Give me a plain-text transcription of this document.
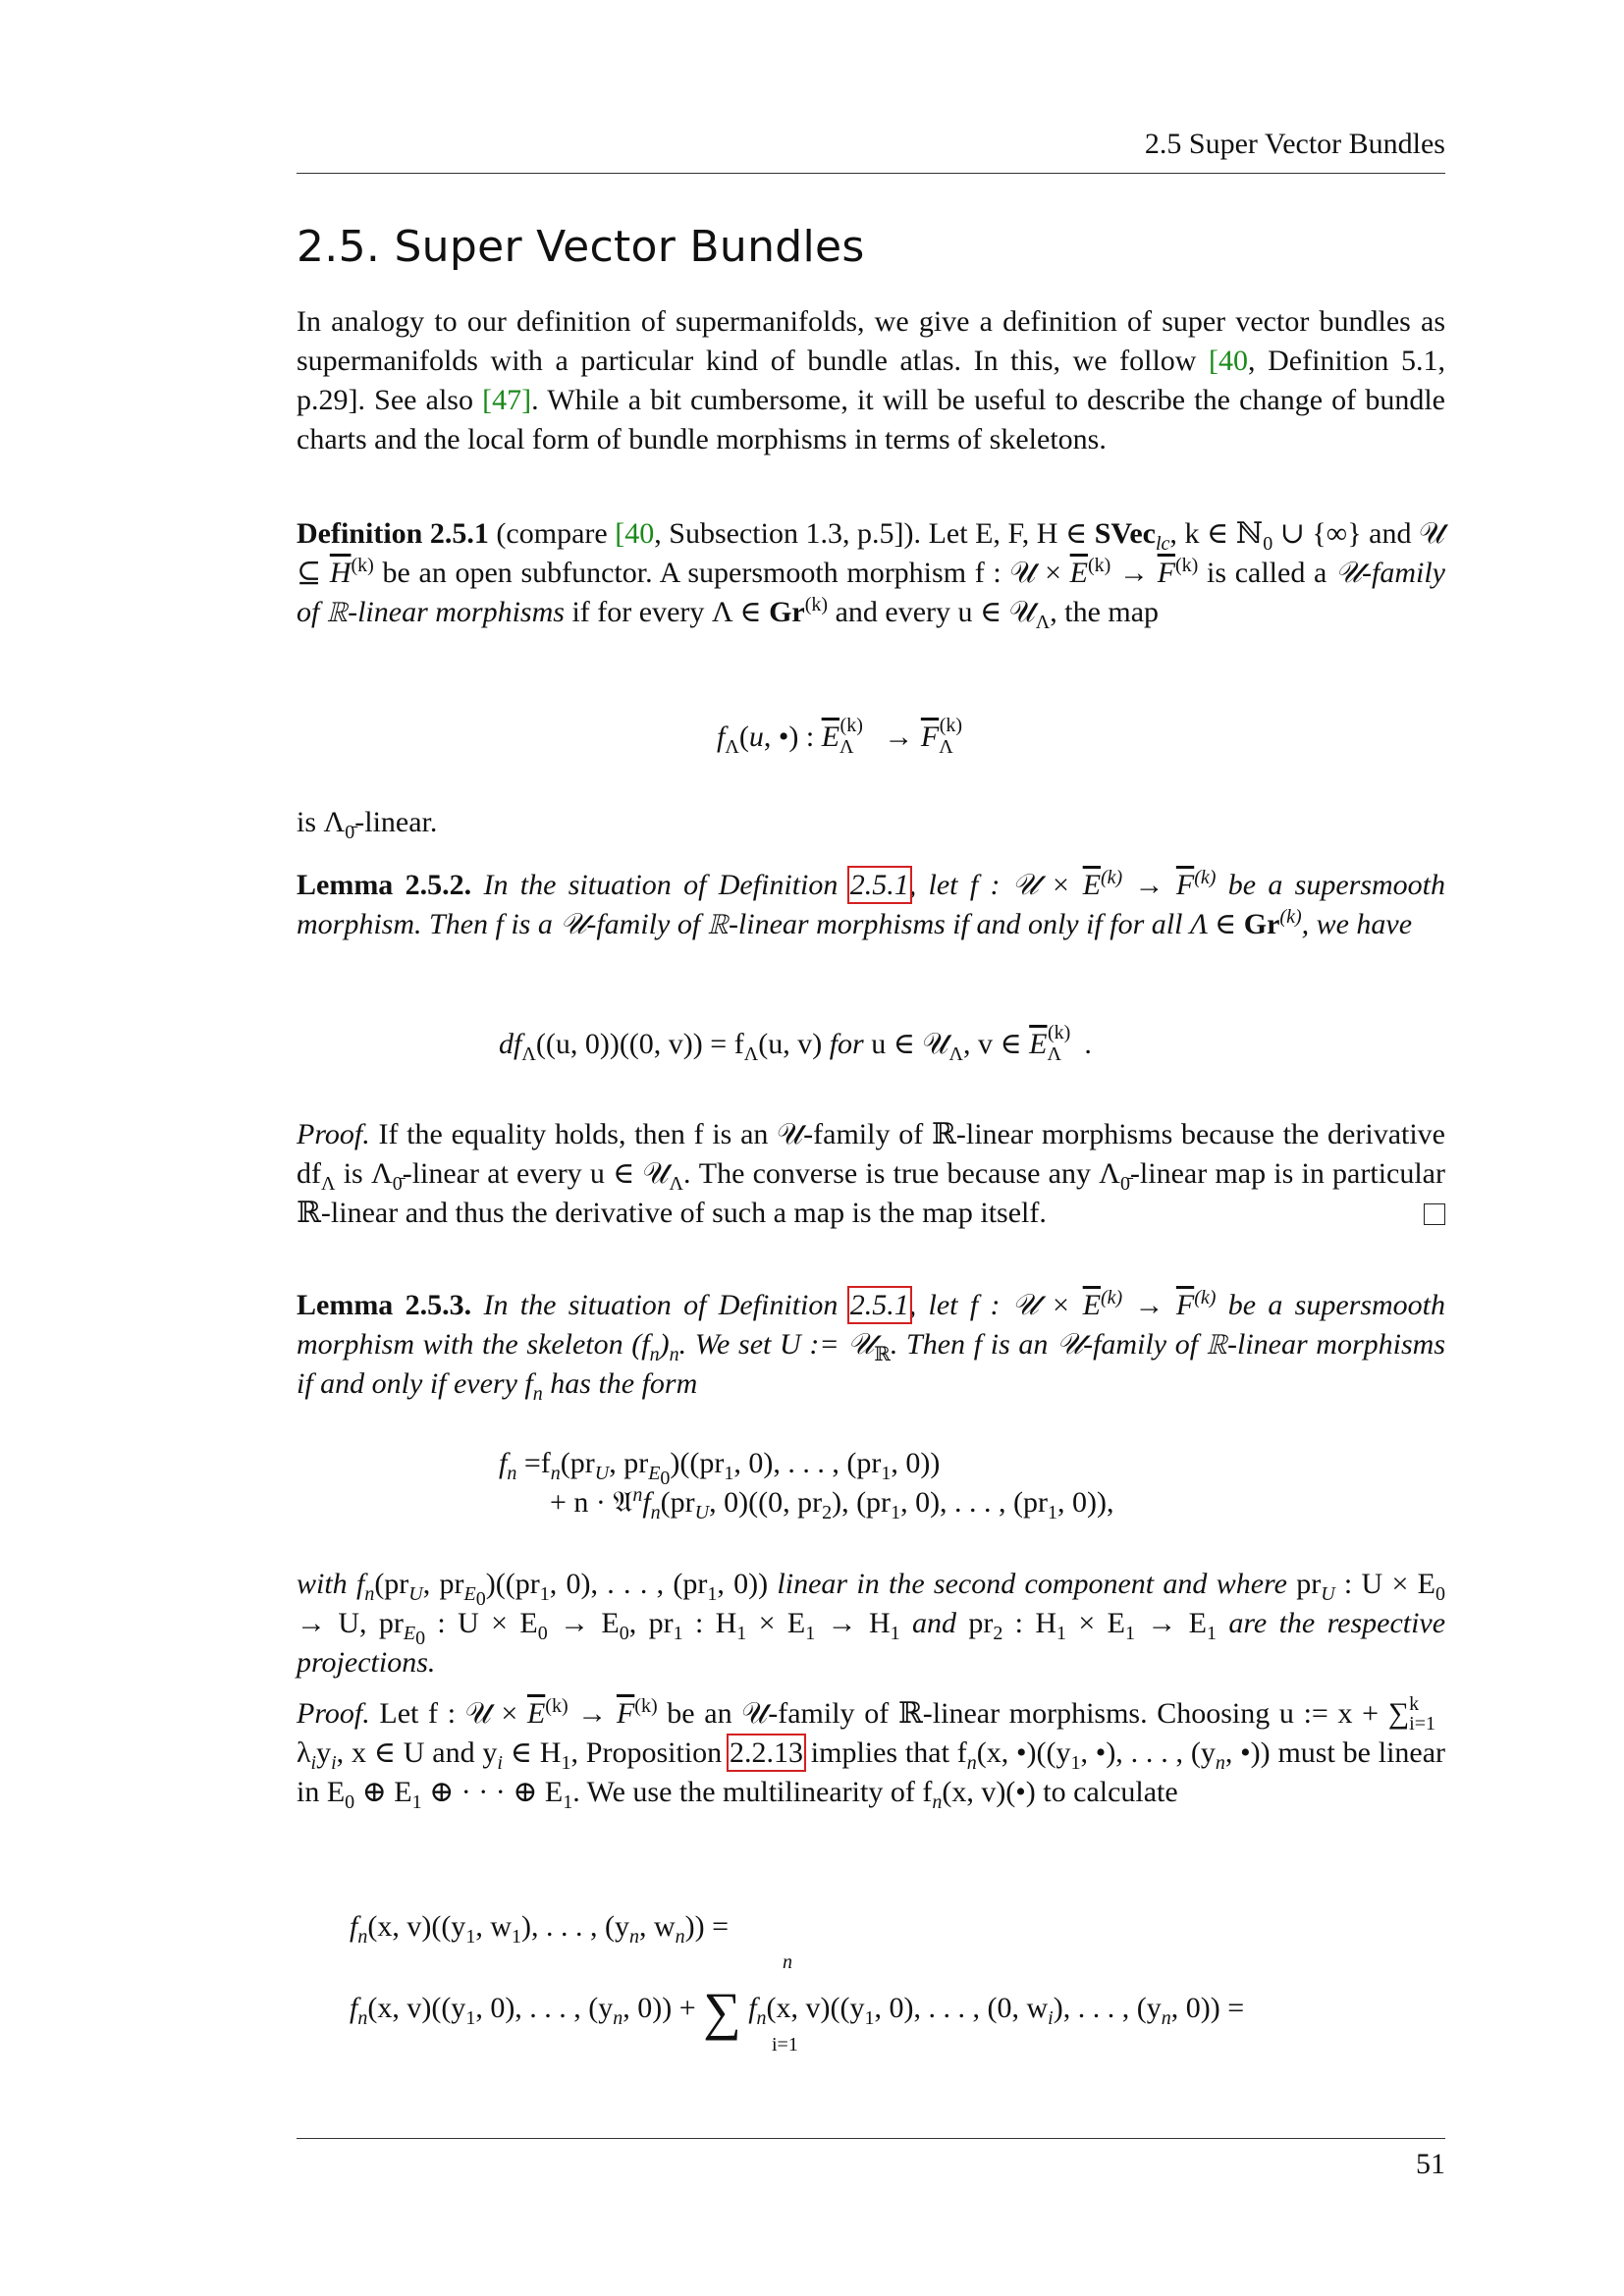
2.5 Super Vector Bundles
2.5. Super Vector Bundles

In analogy to our definition of supermanifolds, we give a definition of super vector bundles as supermanifolds with a particular kind of bundle atlas. In this, we follow [40, Definition 5.1, p.29]. See also [47]. While a bit cumbersome, it will be useful to describe the change of bundle charts and the local form of bundle morphisms in terms of skeletons.

Definition 2.5.1 (compare [40, Subsection 1.3, p.5]). Let E, F, H ∈ SVec$_{lc}$, k ∈ ℕ$_0$ ∪ {∞} and 𝒰 ⊆ $\overline{H}^{(k)}$ be an open subfunctor. A supersmooth morphism f : 𝒰 × $\overline{E}^{(k)} \to \overline{F}^{(k)}$ is called a 𝒰-family of ℝ-linear morphisms if for every Λ ∈ Gr$^{(k)}$ and every u ∈ 𝒰$_\Lambda$, the map

$f_\Lambda(u$, •) : $\overline{E}_\Lambda^{(k)} \to \overline{F}_\Lambda^{(k)}$

is $\Lambda_{0̄}$-linear.

Lemma 2.5.2. In the situation of Definition 2.5.1, let f : 𝒰 × $\overline{E}^{(k)} \to \overline{F}^{(k)}$ be a supersmooth morphism. Then f is a 𝒰-family of ℝ-linear morphisms if and only if for all Λ ∈ Gr$^{(k)}$, we have

$df_\Lambda((u$, 0))((0, $v)) = f_\Lambda(u$, v) for u ∈ 𝒰$_\Lambda$, v ∈ $\overline{E}_\Lambda^{(k)}$ .

Proof. If the equality holds, then f is an 𝒰-family of ℝ-linear morphisms because the derivative $df_\Lambda$ is $\Lambda_{0̄}$-linear at every u ∈ 𝒰$_\Lambda$. The converse is true because any $\Lambda_{0̄}$-linear map is in particular ℝ-linear and thus the derivative of such a map is the map itself.

Lemma 2.5.3. In the situation of Definition 2.5.1, let f : 𝒰 × $\overline{E}^{(k)} \to \overline{F}^{(k)}$ be a supersmooth morphism with the skeleton $(f_n)_n$. We set U := 𝒰$_ℝ$. Then f is an 𝒰-family of ℝ-linear morphisms if and only if every $f_n$ has the form

$f_n =f_n(pr_U$, $pr_{E_0})((pr_1$, 0), . . . , ($pr_1$, 0))
+ $n \cdot 𝔄^nf_n(pr_U$, 0)((0, $pr_2$), ($pr_1$, 0), . . . , ($pr_1$, 0)),

with $f_n(pr_U$, $pr_{E_0})((pr_1$, 0), . . . , ($pr_1$, 0)) linear in the second component and where $pr_U$ : $U \times E_0 \to U$, $pr_{E_0}$ : $U \times E_0 \to E_0$, $pr_1$ : $H_1 \times E_1 \to H_1$ and $pr_2$ : $H_1 \times E_1 \to E_1$ are the respective projections.

Proof. Let f : 𝒰 × $\overline{E}^{(k)} \to \overline{F}^{(k)}$ be an 𝒰-family of ℝ-linear morphisms. Choosing u := x + ∑$^k_{i=1}$ $\lambda_iy_i$, x ∈ U and $y_i$ ∈ $H_1$, Proposition 2.2.13 implies that $f_n(x$, $•)((y_1$, •), . . . , ($y_n$, •)) must be linear in $E_0$ ⊕ $E_1$ ⊕ · · · ⊕ $E_1$. We use the multilinearity of $f_n(x$, v)(•) to calculate

$f_n(x$, $v)((y_1$, $w_1$), . . . , ($y_n$, $w_n$)) =
$f_n(x$, $v)((y_1$, 0), . . . , ($y_n$, 0)) + ∑ $f_n(x$, $v)((y_1$, 0), . . . , (0, $w_i$), . . . , ($y_n$, 0)) =
n
i=1
51
